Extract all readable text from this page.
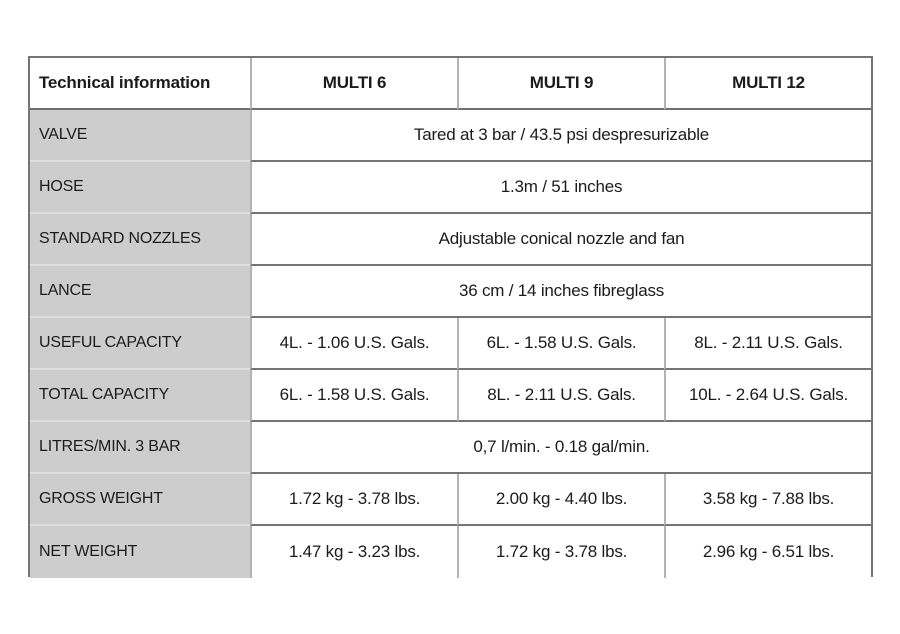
Technical information	MULTI 6	MULTI 9	MULTI 12
VALVE	Tared at 3 bar / 43.5 psi despresurizable		
HOSE	1.3m / 51 inches		
STANDARD NOZZLES	Adjustable conical nozzle and fan		
LANCE	36 cm / 14 inches fibreglass		
USEFUL CAPACITY	4L. - 1.06 U.S. Gals.	6L. - 1.58 U.S. Gals.	8L. - 2.11 U.S. Gals.
TOTAL CAPACITY	6L. - 1.58 U.S. Gals.	8L. - 2.11 U.S. Gals.	10L. - 2.64 U.S. Gals.
LITRES/MIN. 3 BAR	0,7 l/min. - 0.18 gal/min.		
GROSS WEIGHT	1.72 kg - 3.78 lbs.	2.00 kg - 4.40 lbs.	3.58 kg - 7.88 lbs.
NET WEIGHT	1.47 kg - 3.23 lbs.	1.72 kg - 3.78 lbs.	2.96 kg - 6.51 lbs.
